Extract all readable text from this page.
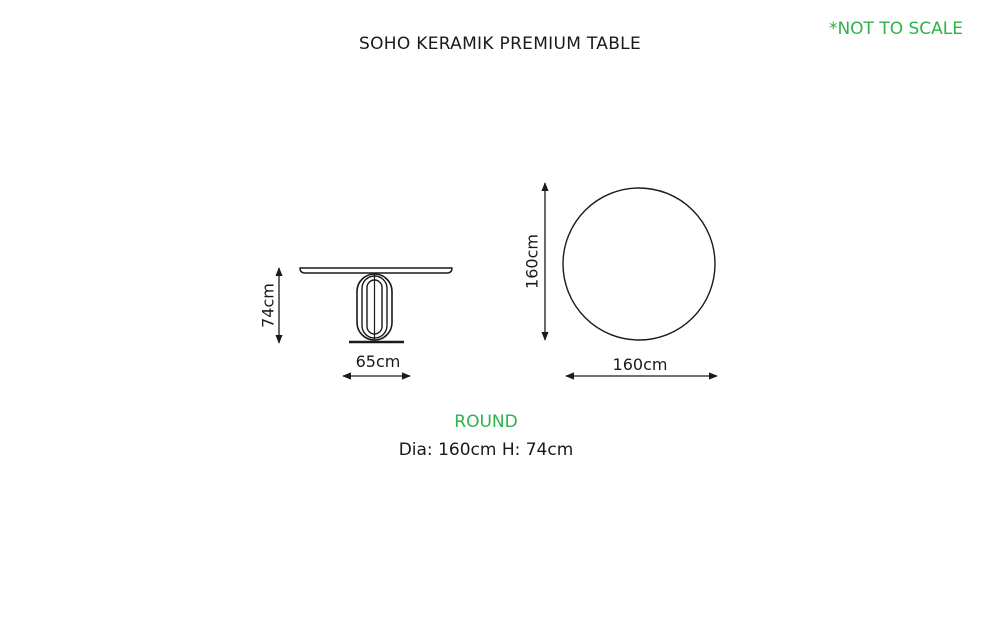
SOHO KERAMIK PREMIUM TABLE
*NOT TO SCALE
74cm
65cm
160cm
160cm
ROUND
Dia: 160cm H: 74cm
